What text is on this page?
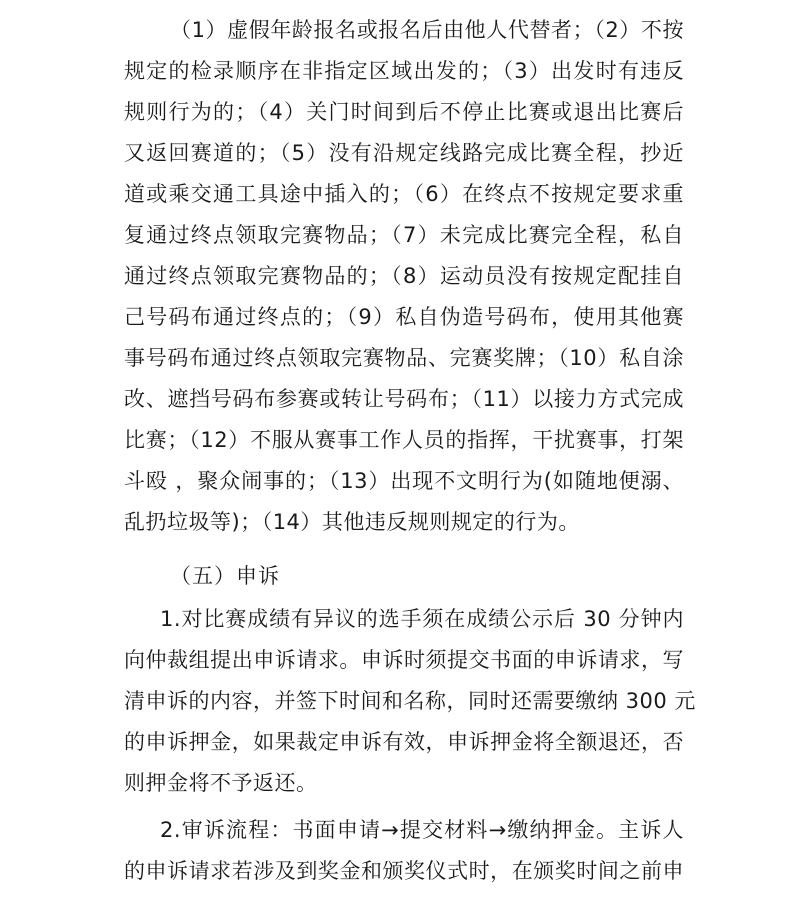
（1）虚假年龄报名或报名后由他人代替者；（2）不按
规定的检录顺序在非指定区域出发的；（3）出发时有违反
规则行为的；（4）关门时间到后不停止比赛或退出比赛后
又返回赛道的；（5）没有沿规定线路完成比赛全程，抄近
道或乘交通工具途中插入的；（6）在终点不按规定要求重
复通过终点领取完赛物品；（7）未完成比赛完全程，私自
通过终点领取完赛物品的；（8）运动员没有按规定配挂自
己号码布通过终点的；（9）私自伪造号码布，使用其他赛
事号码布通过终点领取完赛物品、完赛奖牌；（10）私自涂
改、遮挡号码布参赛或转让号码布；（11）以接力方式完成
比赛；（12）不服从赛事工作人员的指挥，干扰赛事，打架
斗殴 ，聚众闹事的；（13）出现不文明行为(如随地便溺、
乱扔垃圾等)；（14）其他违反规则规定的行为。
（五）申诉
1.对比赛成绩有异议的选手须在成绩公示后 30 分钟内
向仲裁组提出申诉请求。申诉时须提交书面的申诉请求，写
清申诉的内容，并签下时间和名称，同时还需要缴纳 300 元
的申诉押金，如果裁定申诉有效，申诉押金将全额退还，否
则押金将不予返还。
2.审诉流程：书面申请→提交材料→缴纳押金。主诉人
的申诉请求若涉及到奖金和颁奖仪式时，在颁奖时间之前申
